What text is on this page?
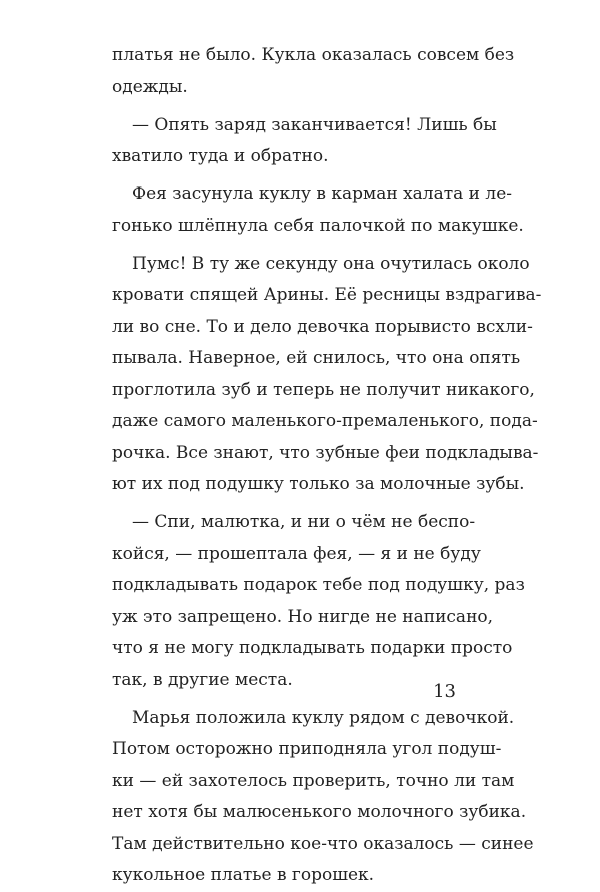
платья не было. Кукла оказалась совсем без
одежды.
— Опять заряд заканчивается! Лишь бы
хватило туда и обратно.
Фея засунула куклу в карман халата и ле-
гонько шлёпнула себя палочкой по макушке.
Пумс! В ту же секунду она очутилась около
кровати спящей Арины. Её ресницы вздрагива-
ли во сне. То и дело девочка порывисто всхли-
пывала. Наверное, ей снилось, что она опять
проглотила зуб и теперь не получит никакого,
даже самого маленького-премаленького, пода-
рочка. Все знают, что зубные феи подкладыва-
ют их под подушку только за молочные зубы.
— Спи, малютка, и ни о чём не беспо-
койся, — прошептала фея, — я и не буду
подкладывать подарок тебе под подушку, раз
уж это запрещено. Но нигде не написано,
что я не могу подкладывать подарки просто
так, в другие места.
Марья положила куклу рядом с девочкой.
Потом осторожно приподняла угол подуш-
ки — ей захотелось проверить, точно ли там
нет хотя бы малюсенького молочного зубика.
Там действительно кое-что оказалось — синее
кукольное платье в горошек.
13
